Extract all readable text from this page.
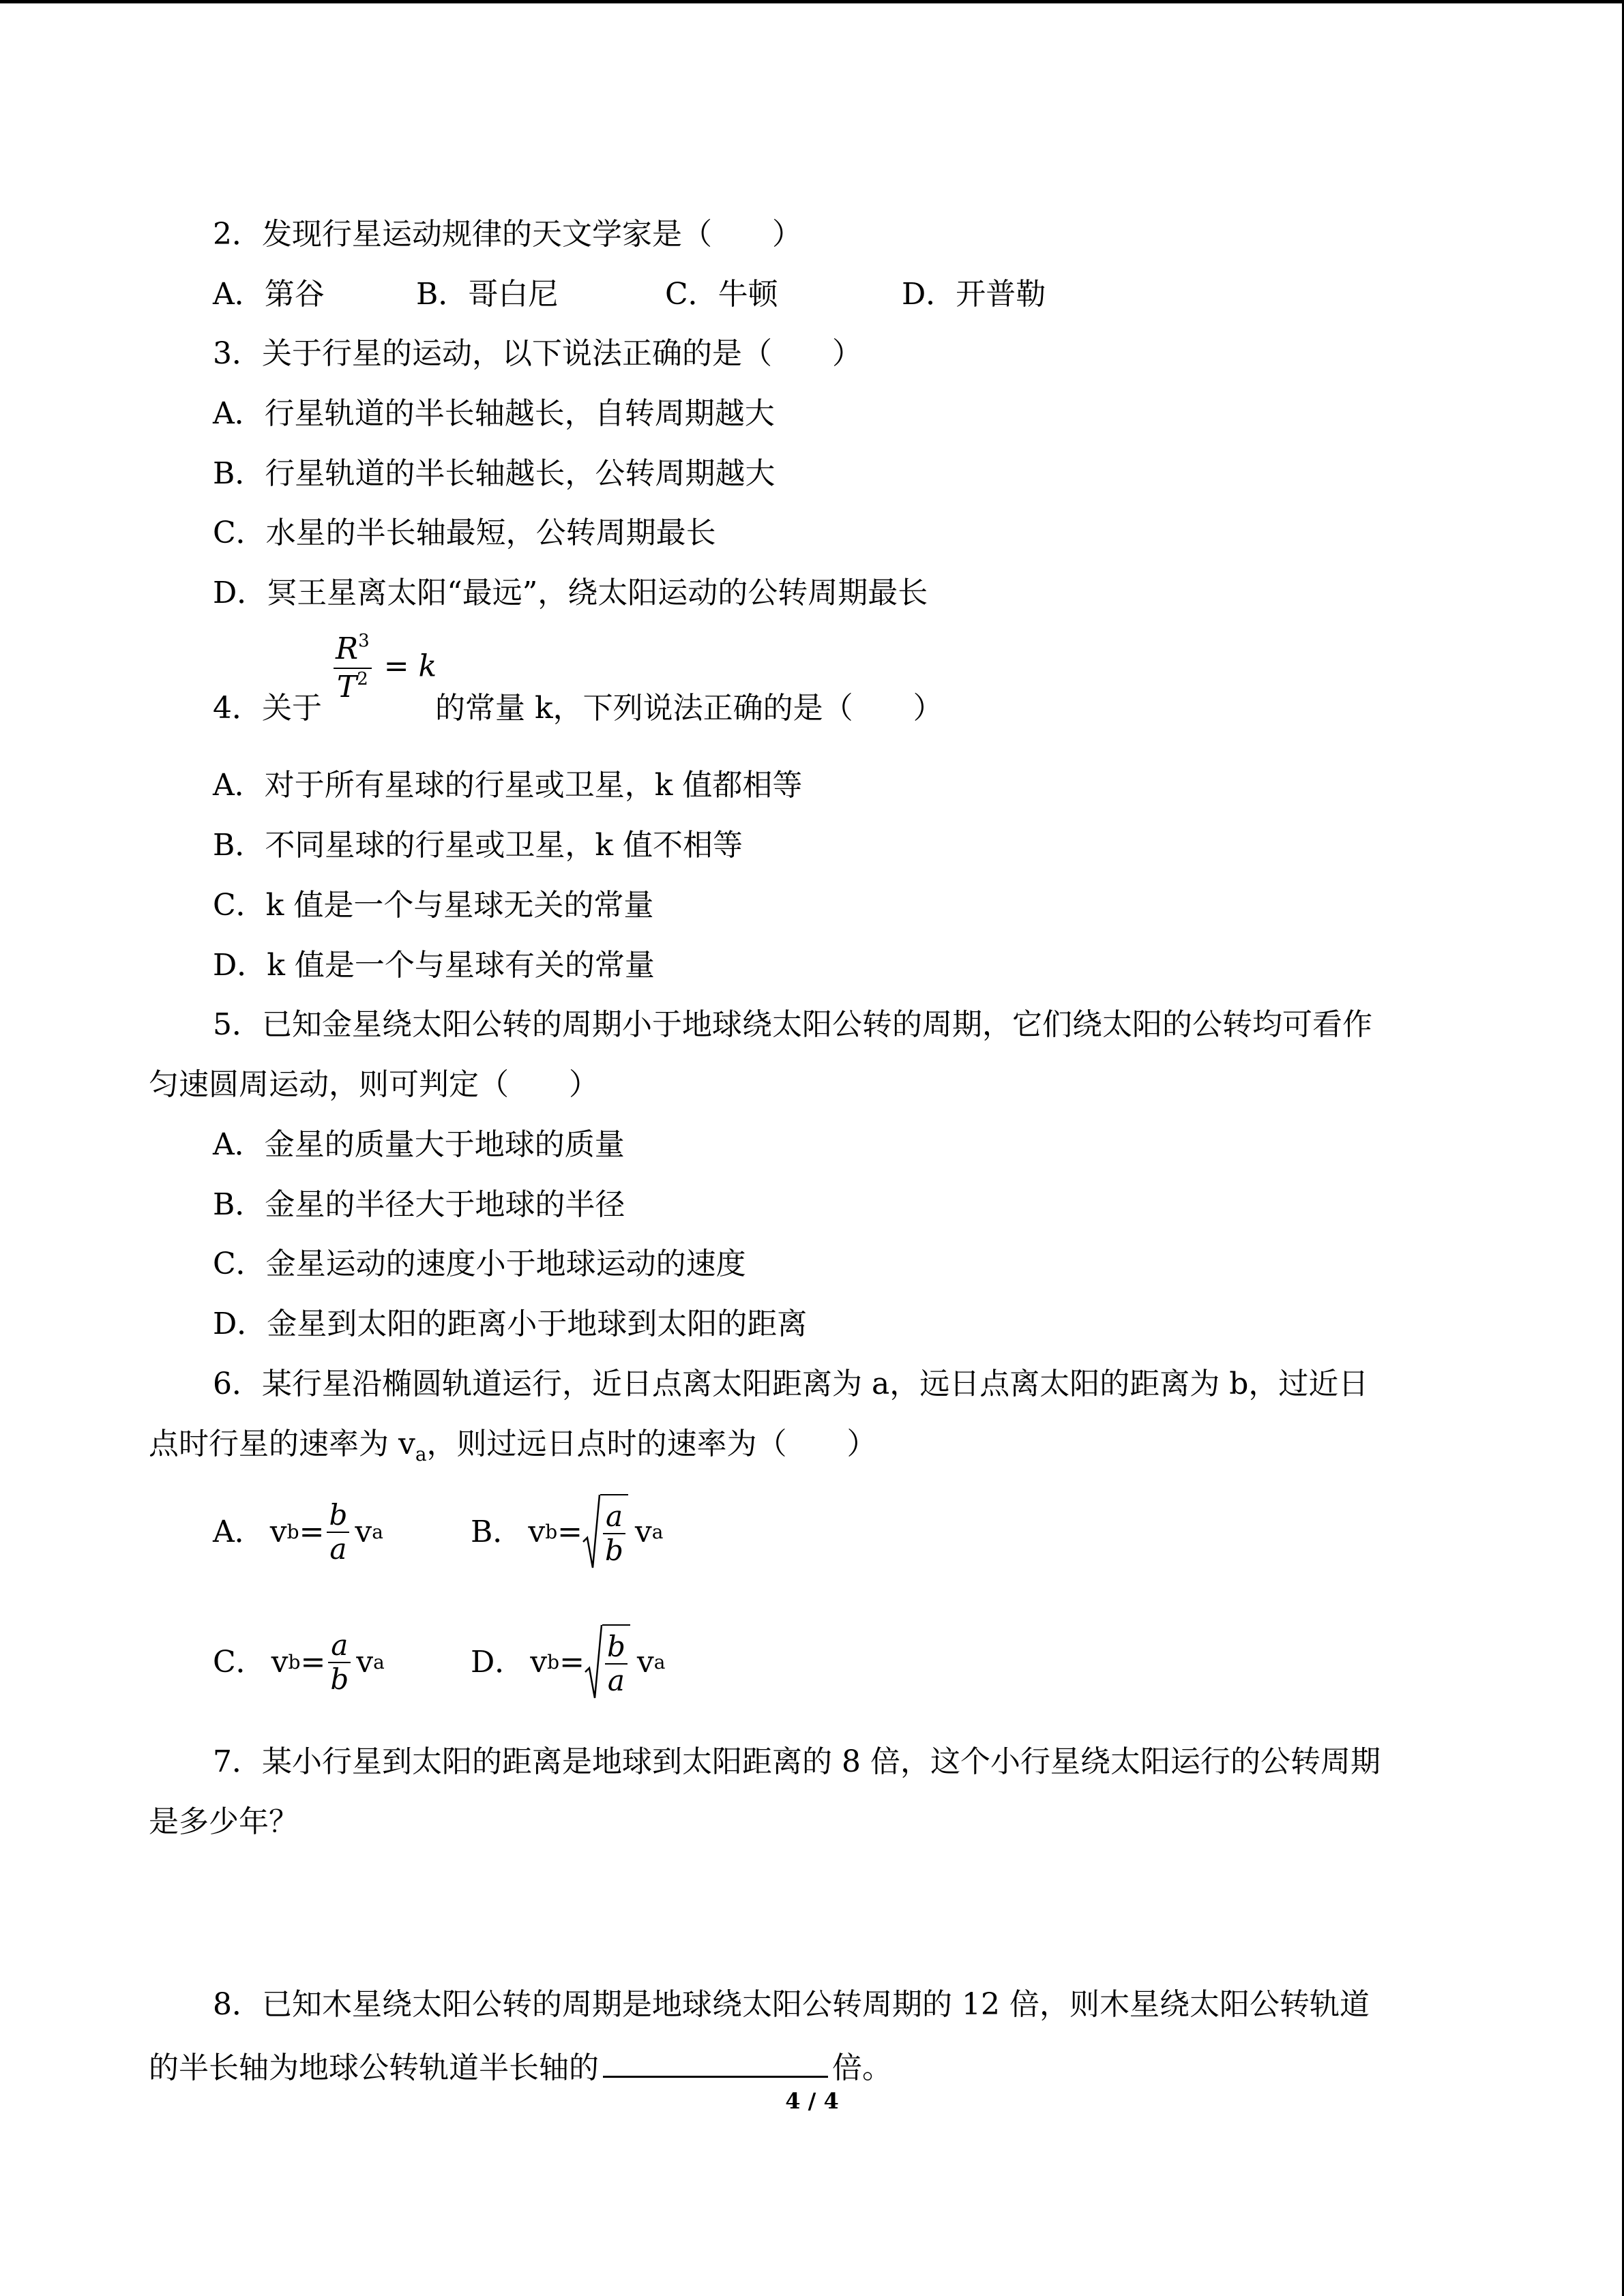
2．发现行星运动规律的天文学家是（　　）
A．第谷	B．哥白尼	C．牛顿	D．开普勒
3．关于行星的运动，以下说法正确的是（　　）
A．行星轨道的半长轴越长，自转周期越大
B．行星轨道的半长轴越长，公转周期越大
C．水星的半长轴最短，公转周期最长
D．冥王星离太阳“最远”，绕太阳运动的公转周期最长
$\frac{R^3}{T^2} = k$
4．关于	的常量 k，下列说法正确的是（　　）
A．对于所有星球的行星或卫星，k 值都相等
B．不同星球的行星或卫星，k 值不相等
C．k 值是一个与星球无关的常量
D．k 值是一个与星球有关的常量
5．已知金星绕太阳公转的周期小于地球绕太阳公转的周期，它们绕太阳的公转均可看作
匀速圆周运动，则可判定（　　）
A．金星的质量大于地球的质量
B．金星的半径大于地球的半径
C．金星运动的速度小于地球运动的速度
D．金星到太阳的距离小于地球到太阳的距离
6．某行星沿椭圆轨道运行，近日点离太阳距离为 a，远日点离太阳的距离为 b，过近日
点时行星的速率为 $v_a$，则过远日点时的速率为（　　）
A． v $b = \frac{b}{a}$ v a	B． v $b = \frac{a}{b}$ v a
C． v $b = \frac{a}{b}$ v a	D． v $b = \frac{b}{a}$ v a
7．某小行星到太阳的距离是地球到太阳距离的 8 倍，这个小行星绕太阳运行的公转周期
是多少年？
8．已知木星绕太阳公转的周期是地球绕太阳公转周期的 12 倍，则木星绕太阳公转轨道
的半长轴为地球公转轨道半长轴的	倍。
4 / 4
